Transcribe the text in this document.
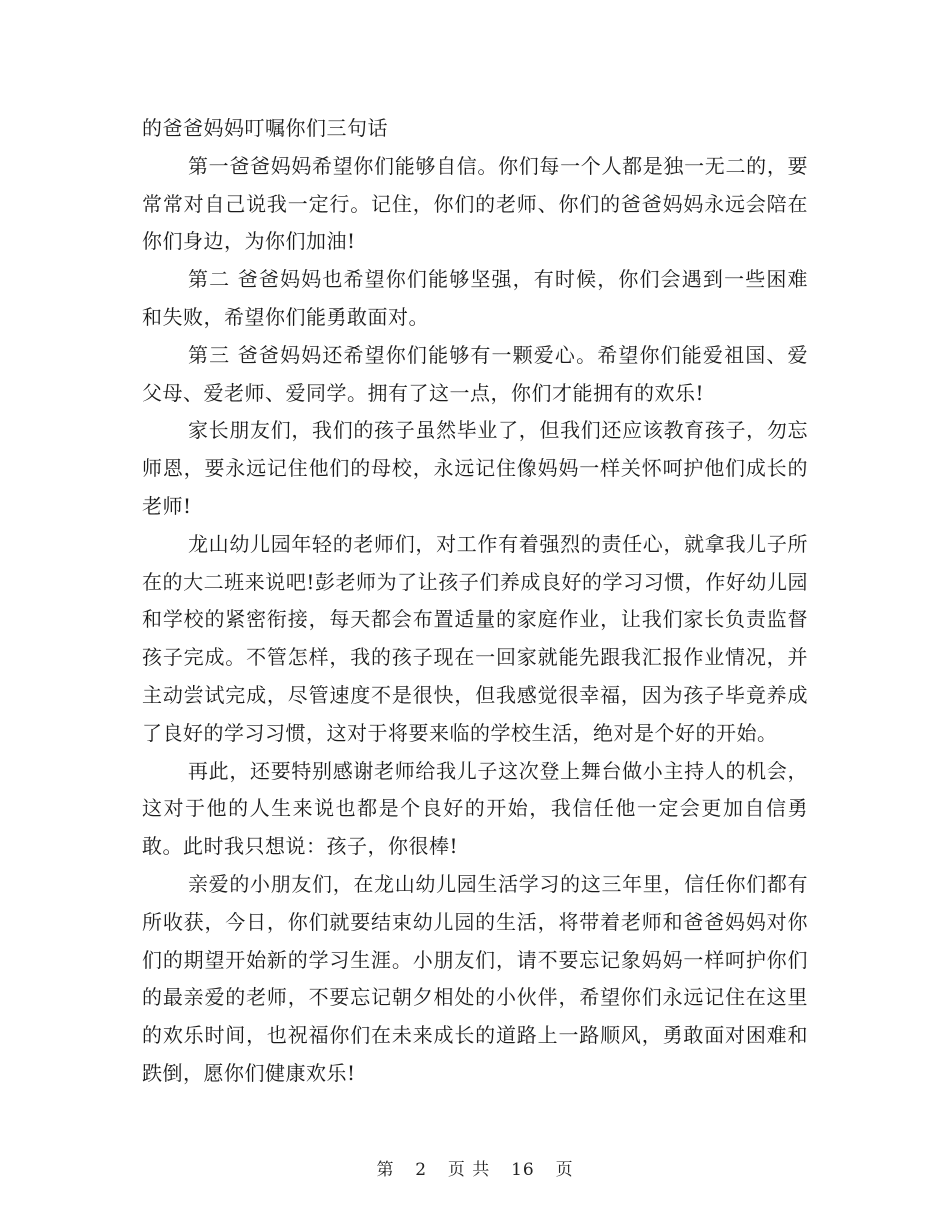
的爸爸妈妈叮嘱你们三句话

第一爸爸妈妈希望你们能够自信。你们每一个人都是独一无二的，要常常对自己说我一定行。记住，你们的老师、你们的爸爸妈妈永远会陪在你们身边，为你们加油!

第二 爸爸妈妈也希望你们能够坚强，有时候，你们会遇到一些困难和失败，希望你们能勇敢面对。

第三 爸爸妈妈还希望你们能够有一颗爱心。希望你们能爱祖国、爱父母、爱老师、爱同学。拥有了这一点，你们才能拥有的欢乐!

家长朋友们，我们的孩子虽然毕业了，但我们还应该教育孩子，勿忘师恩，要永远记住他们的母校，永远记住像妈妈一样关怀呵护他们成长的老师!

龙山幼儿园年轻的老师们，对工作有着强烈的责任心，就拿我儿子所在的大二班来说吧!彭老师为了让孩子们养成良好的学习习惯，作好幼儿园和学校的紧密衔接，每天都会布置适量的家庭作业，让我们家长负责监督孩子完成。不管怎样，我的孩子现在一回家就能先跟我汇报作业情况，并主动尝试完成，尽管速度不是很快，但我感觉很幸福，因为孩子毕竟养成了良好的学习习惯，这对于将要来临的学校生活，绝对是个好的开始。

再此，还要特别感谢老师给我儿子这次登上舞台做小主持人的机会，这对于他的人生来说也都是个良好的开始，我信任他一定会更加自信勇敢。此时我只想说：孩子，你很棒!

亲爱的小朋友们，在龙山幼儿园生活学习的这三年里，信任你们都有所收获，今日，你们就要结束幼儿园的生活，将带着老师和爸爸妈妈对你们的期望开始新的学习生涯。小朋友们，请不要忘记象妈妈一样呵护你们的最亲爱的老师，不要忘记朝夕相处的小伙伴，希望你们永远记住在这里的欢乐时间，也祝福你们在未来成长的道路上一路顺风，勇敢面对困难和跌倒，愿你们健康欢乐!

第 2 页 共 16 页
